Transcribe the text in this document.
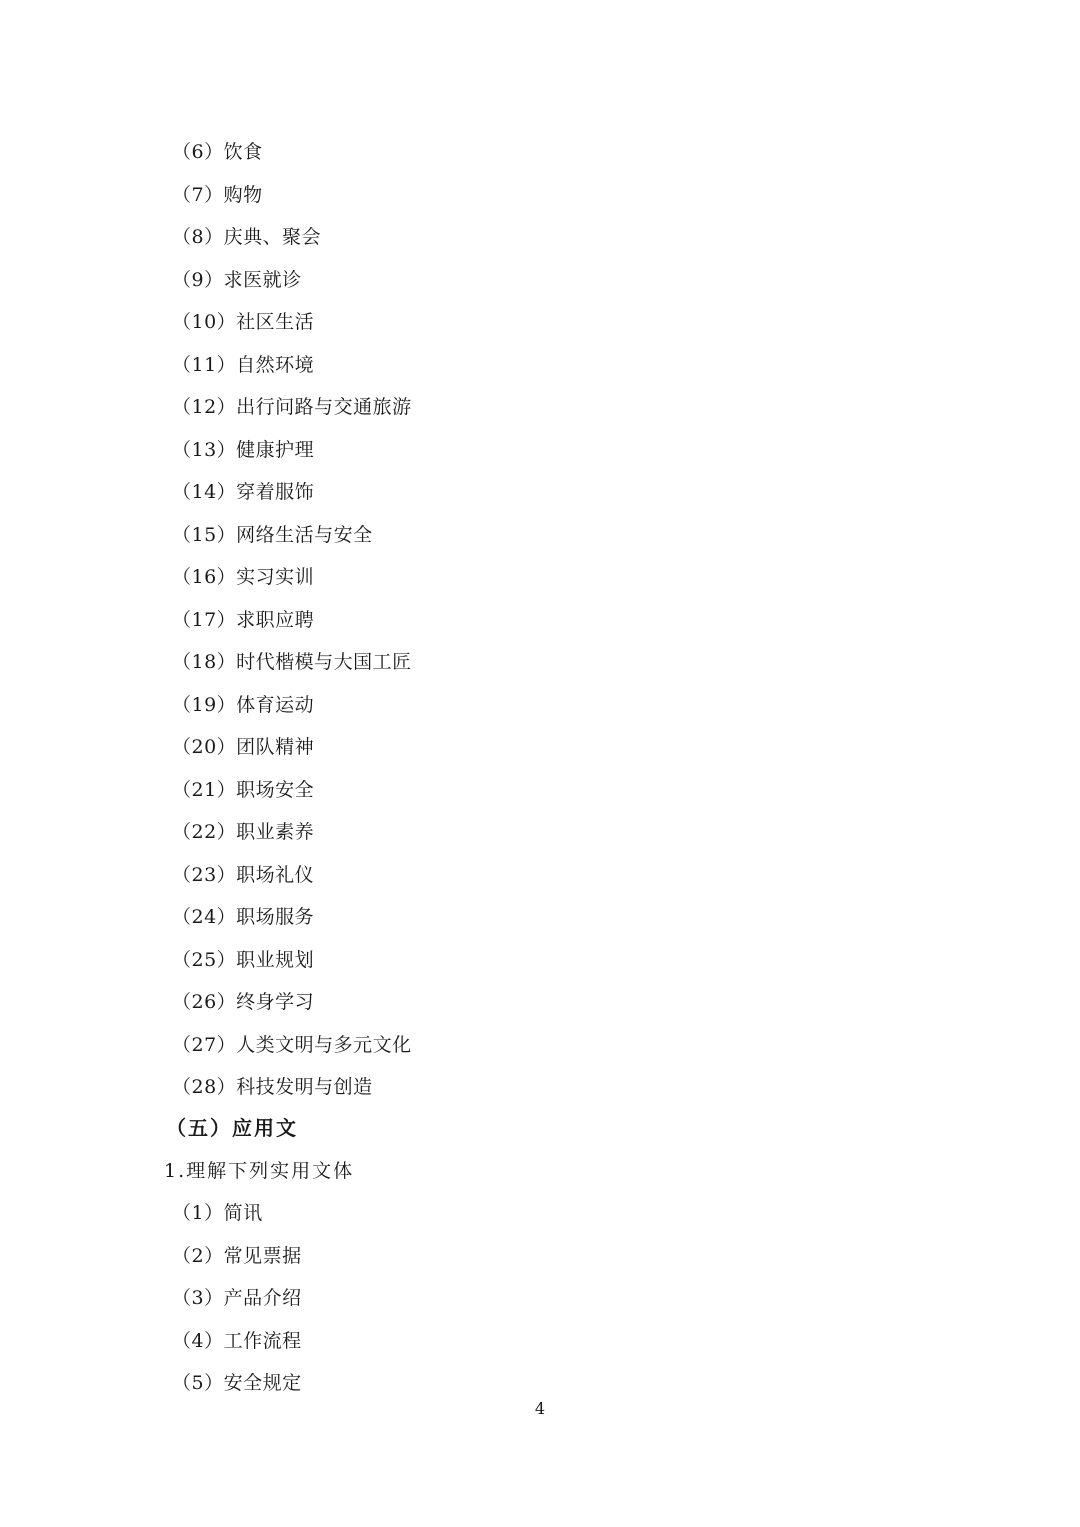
（6）饮食
（7）购物
（8）庆典、聚会
（9）求医就诊
（10）社区生活
（11）自然环境
（12）出行问路与交通旅游
（13）健康护理
（14）穿着服饰
（15）网络生活与安全
（16）实习实训
（17）求职应聘
（18）时代楷模与大国工匠
（19）体育运动
（20）团队精神
（21）职场安全
（22）职业素养
（23）职场礼仪
（24）职场服务
（25）职业规划
（26）终身学习
（27）人类文明与多元文化
（28）科技发明与创造
（五）应用文
1.理解下列实用文体
（1）简讯
（2）常见票据
（3）产品介绍
（4）工作流程
（5）安全规定
4
